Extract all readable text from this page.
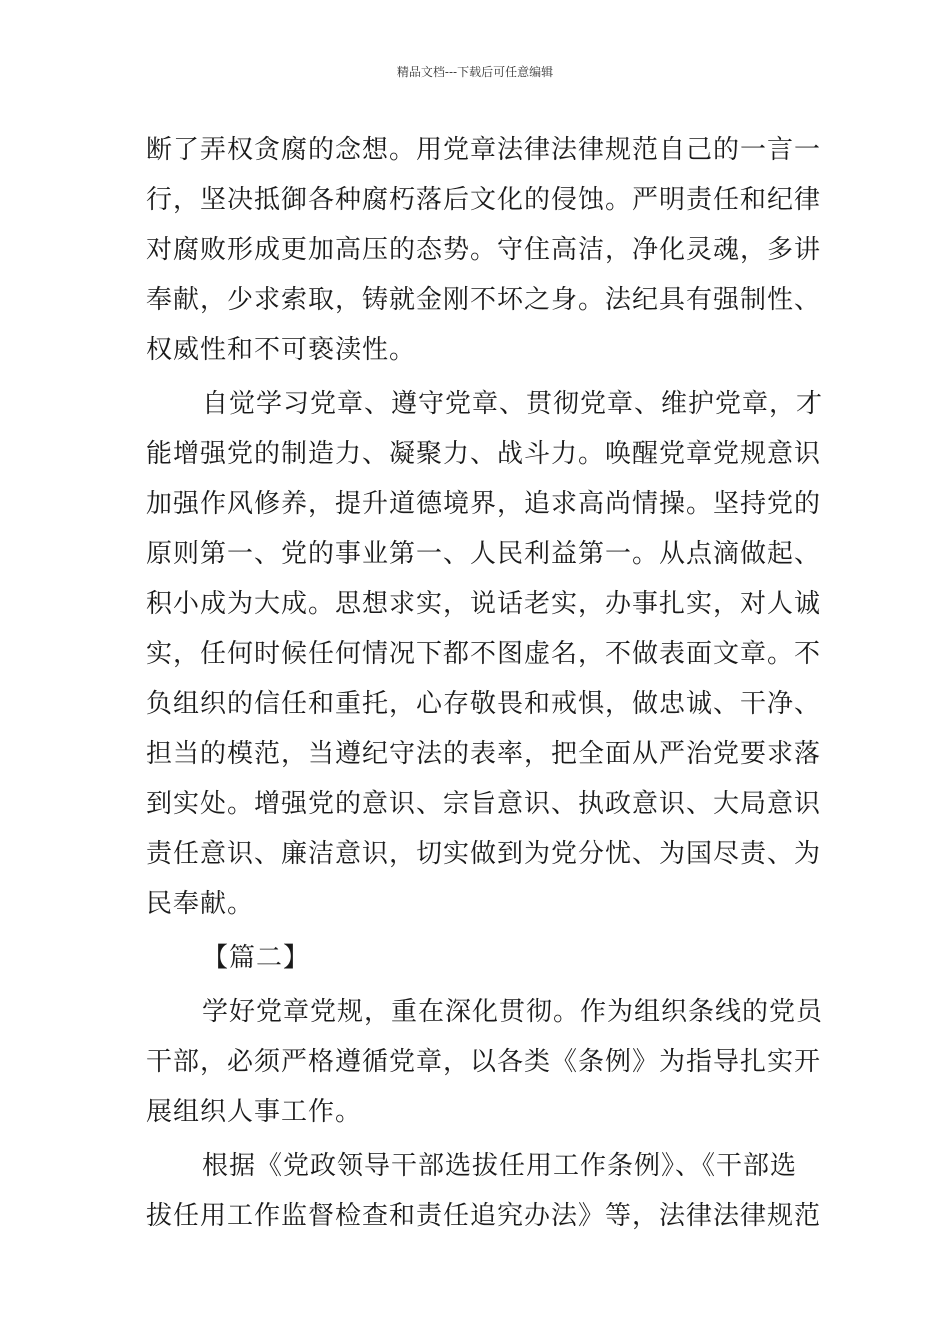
精品文档---下载后可任意编辑
断了弄权贪腐的念想。用党章法律法律规范自己的一言一
行，坚决抵御各种腐朽落后文化的侵蚀。严明责任和纪律
对腐败形成更加高压的态势。守住高洁，净化灵魂，多讲
奉献，少求索取，铸就金刚不坏之身。法纪具有强制性、
权威性和不可亵渎性。
自觉学习党章、遵守党章、贯彻党章、维护党章，才
能增强党的制造力、凝聚力、战斗力。唤醒党章党规意识
加强作风修养，提升道德境界，追求高尚情操。坚持党的
原则第一、党的事业第一、人民利益第一。从点滴做起、
积小成为大成。思想求实，说话老实，办事扎实，对人诚
实，任何时候任何情况下都不图虚名，不做表面文章。不
负组织的信任和重托，心存敬畏和戒惧，做忠诚、干净、
担当的模范，当遵纪守法的表率，把全面从严治党要求落
到实处。增强党的意识、宗旨意识、执政意识、大局意识
责任意识、廉洁意识，切实做到为党分忧、为国尽责、为
民奉献。
【篇二】
学好党章党规，重在深化贯彻。作为组织条线的党员
干部，必须严格遵循党章，以各类《条例》为指导扎实开
展组织人事工作。
根据《党政领导干部选拔任用工作条例》、《干部选
拔任用工作监督检查和责任追究办法》等，法律法律规范
